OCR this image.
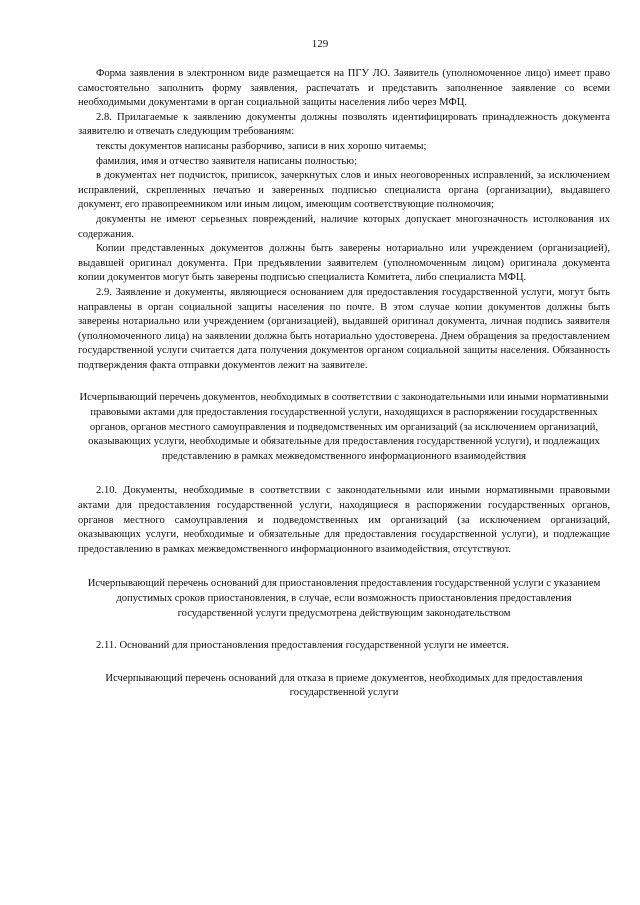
129

Форма заявления в электронном виде размещается на ПГУ ЛО. Заявитель (уполномоченное лицо) имеет право самостоятельно заполнить форму заявления, распечатать и представить заполненное заявление со всеми необходимыми документами в орган социальной защиты населения либо через МФЦ.

2.8. Прилагаемые к заявлению документы должны позволять идентифицировать принадлежность документа заявителю и отвечать следующим требованиям:

тексты документов написаны разборчиво, записи в них хорошо читаемы;

фамилия, имя и отчество заявителя написаны полностью;

в документах нет подчисток, приписок, зачеркнутых слов и иных неоговоренных исправлений, за исключением исправлений, скрепленных печатью и заверенных подписью специалиста органа (организации), выдавшего документ, его правопреемником или иным лицом, имеющим соответствующие полномочия;

документы не имеют серьезных повреждений, наличие которых допускает многозначность истолкования их содержания.

Копии представленных документов должны быть заверены нотариально или учреждением (организацией), выдавшей оригинал документа. При предъявлении заявителем (уполномоченным лицом) оригинала документа копии документов могут быть заверены подписью специалиста Комитета, либо специалиста МФЦ.

2.9. Заявление и документы, являющиеся основанием для предоставления государственной услуги, могут быть направлены в орган социальной защиты населения по почте. В этом случае копии документов должны быть заверены нотариально или учреждением (организацией), выдавшей оригинал документа, личная подпись заявителя (уполномоченного лица) на заявлении должна быть нотариально удостоверена. Днем обращения за предоставлением государственной услуги считается дата получения документов органом социальной защиты населения. Обязанность подтверждения факта отправки документов лежит на заявителе.

Исчерпывающий перечень документов, необходимых в соответствии с законодательными или иными нормативными правовыми актами для предоставления государственной услуги, находящихся в распоряжении государственных органов, органов местного самоуправления и подведомственных им организаций (за исключением организаций, оказывающих услуги, необходимые и обязательные для предоставления государственной услуги), и подлежащих представлению в рамках межведомственного информационного взаимодействия

2.10. Документы, необходимые в соответствии с законодательными или иными нормативными правовыми актами для предоставления государственной услуги, находящиеся в распоряжении государственных органов, органов местного самоуправления и подведомственных им организаций (за исключением организаций, оказывающих услуги, необходимые и обязательные для предоставления государственной услуги), и подлежащие предоставлению в рамках межведомственного информационного взаимодействия, отсутствуют.

Исчерпывающий перечень оснований для приостановления предоставления государственной услуги с указанием допустимых сроков приостановления, в случае, если возможность приостановления предоставления государственной услуги предусмотрена действующим законодательством

2.11. Оснований для приостановления предоставления государственной услуги не имеется.

Исчерпывающий перечень оснований для отказа в приеме документов, необходимых для предоставления государственной услуги
